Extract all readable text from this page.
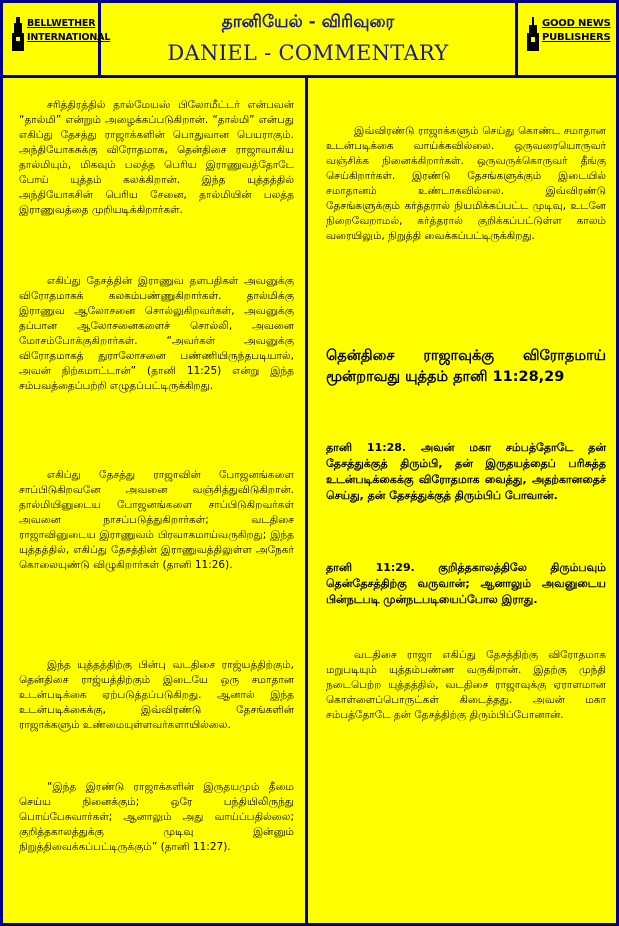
BELLWETHER
INTERNATIONAL
தானியேல் - விரிவுரை
DANIEL - COMMENTARY
GOOD NEWS
PUBLISHERS

சரித்திரத்தில் தால்மேயஸ் பிலோமீட்டர் என்பவன் “தால்மி” என்றும் அழைக்கப்படுகிறான். “தால்மி” என்பது எகிப்து தேசத்து ராஜாக்களின் பொதுவான பெயராகும். அந்தியோகசுக்கு விரோதமாக, தென்திசை ராஜாவாகிய தால்மியும், மிகவும் பலத்த பெரிய இராணுவத்தோடே போய் யுத்தம் கலக்கிறான். இந்த யுத்தத்தில் அந்தியோகசின் பெரிய சேனை, தால்மியின் பலத்த இராணுவத்தை முறியடிக்கிறார்கள்.

எகிப்து தேசத்தின் இராணுவ தளபதிகள் அவனுக்கு விரோதமாகக் கலகம்பண்ணுகிறார்கள். தால்மிக்கு இராணுவ ஆலோசனை சொல்லுகிறவர்கள், அவனுக்கு தப்பான ஆலோசனைகளைச் சொல்லி, அவனை மோசம்போக்குகிறார்கள். “அவர்கள் அவனுக்கு விரோதமாகத் துராலோசனை பண்ணியிருந்தபடியால், அவன் நிற்கமாட்டான்” (தானி 11:25) என்று இந்த சம்பவத்தைப்பற்றி எழுதப்பட்டிருக்கிறது.

எகிப்து தேசத்து ராஜாவின் போஜனங்களை சாப்பிடுகிறவனே அவனை வஞ்சித்துவிடுகிறான். தால்மியினுடைய போஜனங்களை சாப்பிடுகிறவர்கள் அவனை நாசப்படுத்துகிறார்கள்; வடதிசை ராஜாவினுடைய இராணுவம் பிரவாகமாய்வருகிறது; இந்த யுத்தத்தில், எகிப்து தேசத்தின் இராணுவத்திலுள்ள அநேகர் கொலையுண்டு விழுகிறார்கள் (தானி 11:26).

இந்த யுத்தத்திற்கு பின்பு வடதிசை ராஜ்யத்திற்கும், தென்திசை ராஜ்யத்திற்கும் இடையே ஒரு சமாதான உடன்படிக்கை ஏற்படுத்தப்படுகிறது. ஆனால் இந்த உடன்படிக்கைக்கு, இவ்விரண்டு தேசங்களின் ராஜாக்களும் உண்மையுள்ளவர்களாயில்லை.

“இந்த இரண்டு ராஜாக்களின் இருதயமும் தீமை செய்ய நினைக்கும்; ஒரே பந்தியிலிருந்து பொய்பேசுவார்கள்; ஆனாலும் அது வாய்ப்பதில்லை; குறித்தகாலத்துக்கு முடிவு இன்னும் நிறுத்திவைக்கப்பட்டிருக்கும்” (தானி 11:27).

இவ்விரண்டு ராஜாக்களும் செய்து கொண்ட சமாதான உடன்படிக்கை வாய்க்கவில்லை. ஒருவரையொருவர் வஞ்சிக்க நினைக்கிறார்கள். ஒருவருக்கொருவர் தீங்கு செய்கிறார்கள். இரண்டு தேசங்களுக்கும் இடையில் சமாதானம் உண்டாகவில்லை. இவ்விரண்டு தேசங்களுக்கும் கர்த்தரால் நியமிக்கப்பட்ட முடிவு, உடனே நிறைவேறாமல், கர்த்தரால் குறிக்கப்பட்டுள்ள காலம் வரையிலும், நிறுத்தி வைக்கப்பட்டிருக்கிறது.

தென்திசை ராஜாவுக்கு விரோதமாய் மூன்றாவது யுத்தம் தானி 11:28,29
தானி 11:28. அவன் மகா சம்பத்தோடே தன் தேசத்துக்குத் திரும்பி, தன் இருதயத்தைப் பரிசுத்த உடன்படிக்கைக்கு விரோதமாக வைத்து, அதற்கானதைச் செய்து, தன் தேசத்துக்குத் திரும்பிப் போவான்.
தானி 11:29. குறித்தகாலத்திலே திரும்பவும் தென்தேசத்திற்கு வருவான்; ஆனாலும் அவனுடைய பின்நடபடி முன்நடபடியைப்போல இராது.

வடதிசை ராஜா எகிப்து தேசத்திற்கு விரோதமாக மறுபடியும் யுத்தம்பண்ண வருகிறான். இதற்கு முந்தி நடைபெற்ற யுத்தத்தில், வடதிசை ராஜாவுக்கு ஏராளமான கொள்ளைப்பொருட்கள் கிடைத்தது. அவன் மகா சம்பத்தோடே தன் தேசத்திற்கு திரும்பிப்போனான்.
